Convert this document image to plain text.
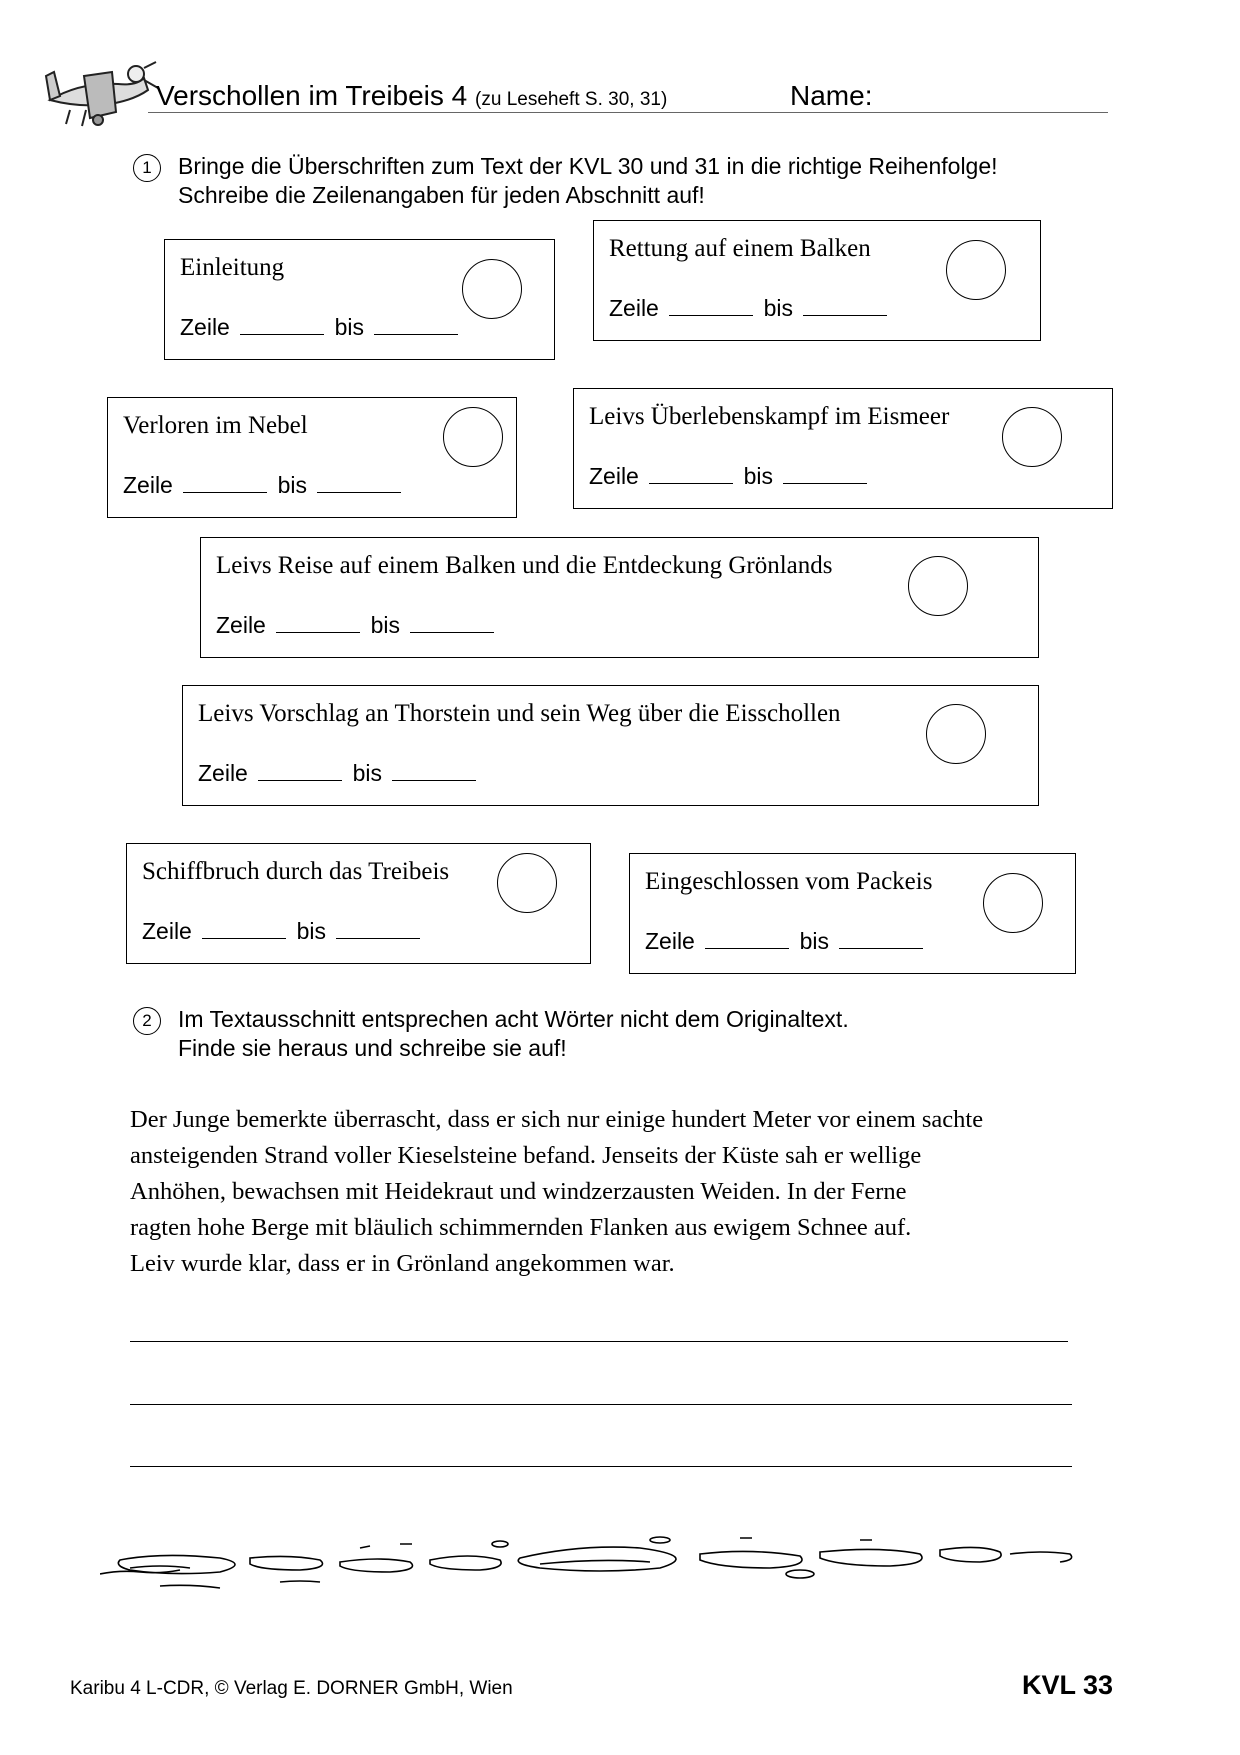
Verschollen im Treibeis 4 (zu Leseheft S. 30, 31)	Name:
1	Bringe die Überschriften zum Text der KVL 30 und 31 in die richtige Reihenfolge!
Schreibe die Zeilenangaben für jeden Abschnitt auf!
Einleitung
Zeile	bis
Rettung auf einem Balken
Zeile	bis
Verloren im Nebel
Zeile	bis
Leivs Überlebenskampf im Eismeer
Zeile	bis
Leivs Reise auf einem Balken und die Entdeckung Grönlands
Zeile	bis
Leivs Vorschlag an Thorstein und sein Weg über die Eisschollen
Zeile	bis
Schiffbruch durch das Treibeis
Zeile	bis
Eingeschlossen vom Packeis
Zeile	bis
2	Im Textausschnitt entsprechen acht Wörter nicht dem Originaltext.
Finde sie heraus und schreibe sie auf!
Der Junge bemerkte überrascht, dass er sich nur einige hundert Meter vor einem sachte
ansteigenden Strand voller Kieselsteine befand. Jenseits der Küste sah er wellige
Anhöhen, bewachsen mit Heidekraut und windzerzausten Weiden. In der Ferne
ragten hohe Berge mit bläulich schimmernden Flanken aus ewigem Schnee auf.
Leiv wurde klar, dass er in Grönland angekommen war.
Karibu 4 L-CDR, © Verlag E. DORNER GmbH, Wien	KVL 33
